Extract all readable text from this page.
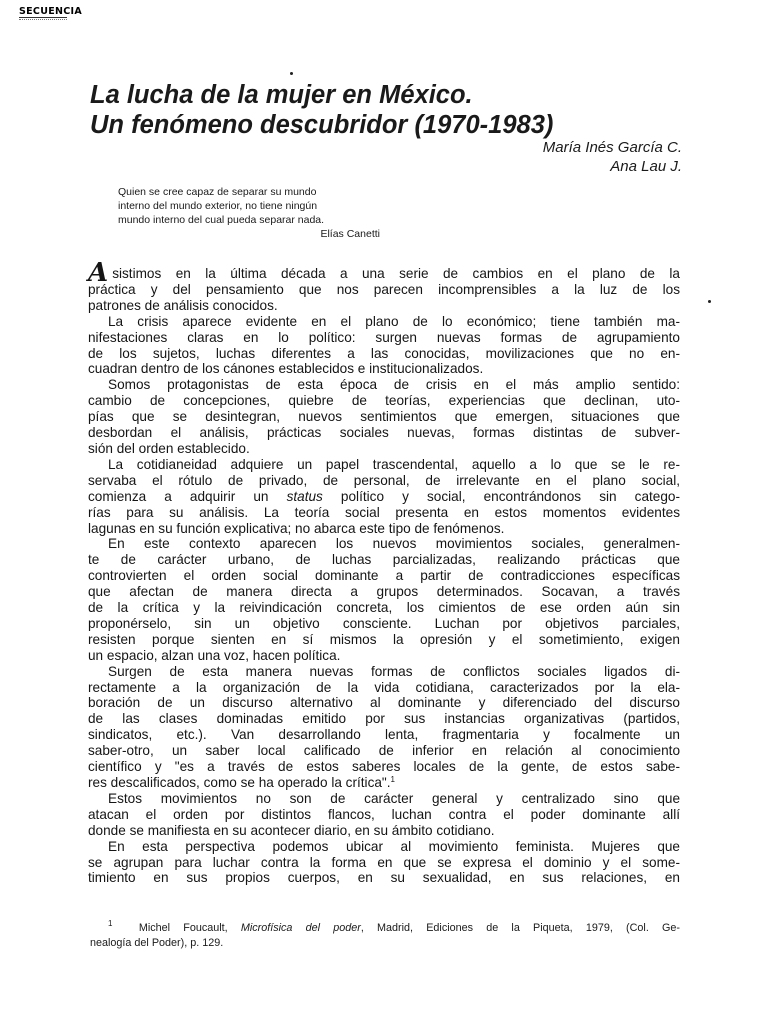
SECUENCIA
La lucha de la mujer en México.
Un fenómeno descubridor (1970-1983)
María Inés García C.
Ana Lau J.
Quien se cree capaz de separar su mundo
interno del mundo exterior, no tiene ningún
mundo interno del cual pueda separar nada.
Elías Canetti
Asistimos en la última década a una serie de cambios en el plano de la
práctica y del pensamiento que nos parecen incomprensibles a la luz de los
patrones de análisis conocidos.
La crisis aparece evidente en el plano de lo económico; tiene también ma-
nifestaciones claras en lo político: surgen nuevas formas de agrupamiento
de los sujetos, luchas diferentes a las conocidas, movilizaciones que no en-
cuadran dentro de los cánones establecidos e institucionalizados.
Somos protagonistas de esta época de crisis en el más amplio sentido:
cambio de concepciones, quiebre de teorías, experiencias que declinan, uto-
pías que se desintegran, nuevos sentimientos que emergen, situaciones que
desbordan el análisis, prácticas sociales nuevas, formas distintas de subver-
sión del orden establecido.
La cotidianeidad adquiere un papel trascendental, aquello a lo que se le re-
servaba el rótulo de privado, de personal, de irrelevante en el plano social,
comienza a adquirir un status político y social, encontrándonos sin catego-
rías para su análisis. La teoría social presenta en estos momentos evidentes
lagunas en su función explicativa; no abarca este tipo de fenómenos.
En este contexto aparecen los nuevos movimientos sociales, generalmen-
te de carácter urbano, de luchas parcializadas, realizando prácticas que
controvierten el orden social dominante a partir de contradicciones específicas
que afectan de manera directa a grupos determinados. Socavan, a través
de la crítica y la reivindicación concreta, los cimientos de ese orden aún sin
proponérselo, sin un objetivo consciente. Luchan por objetivos parciales,
resisten porque sienten en sí mismos la opresión y el sometimiento, exigen
un espacio, alzan una voz, hacen política.
Surgen de esta manera nuevas formas de conflictos sociales ligados di-
rectamente a la organización de la vida cotidiana, caracterizados por la ela-
boración de un discurso alternativo al dominante y diferenciado del discurso
de las clases dominadas emitido por sus instancias organizativas (partidos,
sindicatos, etc.). Van desarrollando lenta, fragmentaria y focalmente un
saber-otro, un saber local calificado de inferior en relación al conocimiento
científico y "es a través de estos saberes locales de la gente, de estos sabe-
res descalificados, como se ha operado la crítica".$^1$
Estos movimientos no son de carácter general y centralizado sino que
atacan el orden por distintos flancos, luchan contra el poder dominante allí
donde se manifiesta en su acontecer diario, en su ámbito cotidiano.
En esta perspectiva podemos ubicar al movimiento feminista. Mujeres que
se agrupan para luchar contra la forma en que se expresa el dominio y el some-
timiento en sus propios cuerpos, en su sexualidad, en sus relaciones, en
$^1$ Michel Foucault, Microfísica del poder, Madrid, Ediciones de la Piqueta, 1979, (Col. Ge-
nealogía del Poder), p. 129.
